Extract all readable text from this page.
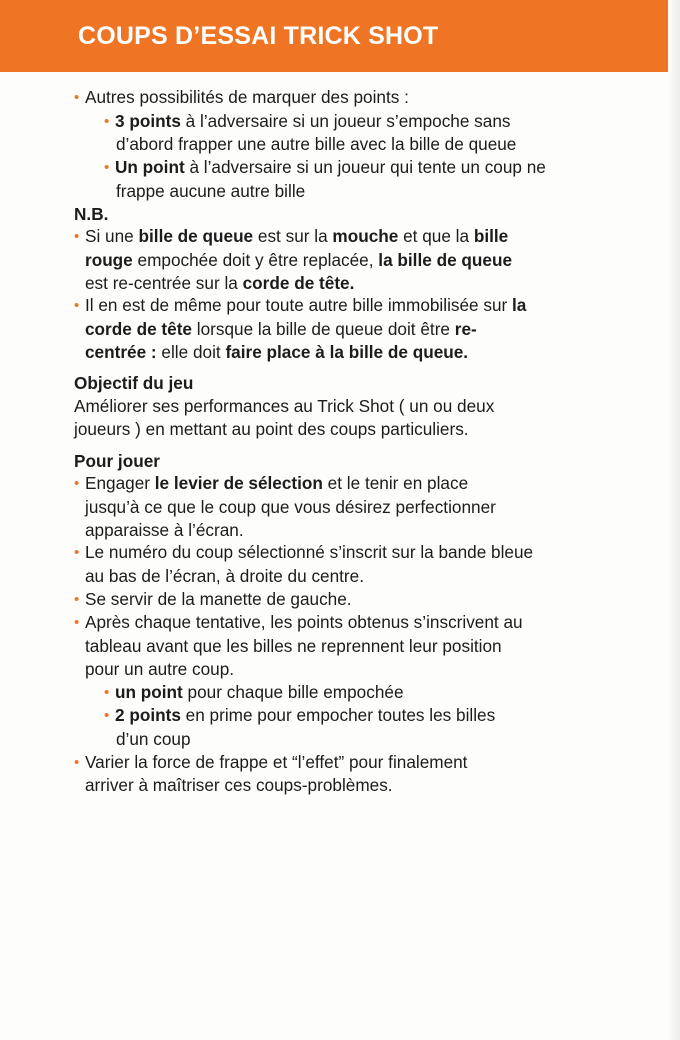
COUPS D’ESSAI TRICK SHOT
• Autres possibilités de marquer des points :
• 3 points à l’adversaire si un joueur s’empoche sans
d’abord frapper une autre bille avec la bille de queue
• Un point à l’adversaire si un joueur qui tente un coup ne
frappe aucune autre bille
N.B.
• Si une bille de queue est sur la mouche et que la bille
rouge empochée doit y être replacée, la bille de queue
est re-centrée sur la corde de tête.
• Il en est de même pour toute autre bille immobilisée sur la
corde de tête lorsque la bille de queue doit être re-
centrée : elle doit faire place à la bille de queue.
Objectif du jeu
Améliorer ses performances au Trick Shot ( un ou deux
joueurs ) en mettant au point des coups particuliers.
Pour jouer
• Engager le levier de sélection et le tenir en place
jusqu’à ce que le coup que vous désirez perfectionner
apparaisse à l’écran.
• Le numéro du coup sélectionné s’inscrit sur la bande bleue
au bas de l’écran, à droite du centre.
• Se servir de la manette de gauche.
• Après chaque tentative, les points obtenus s’inscrivent au
tableau avant que les billes ne reprennent leur position
pour un autre coup.
• un point pour chaque bille empochée
• 2 points en prime pour empocher toutes les billes
d’un coup
• Varier la force de frappe et “l’effet” pour finalement
arriver à maîtriser ces coups-problèmes.
